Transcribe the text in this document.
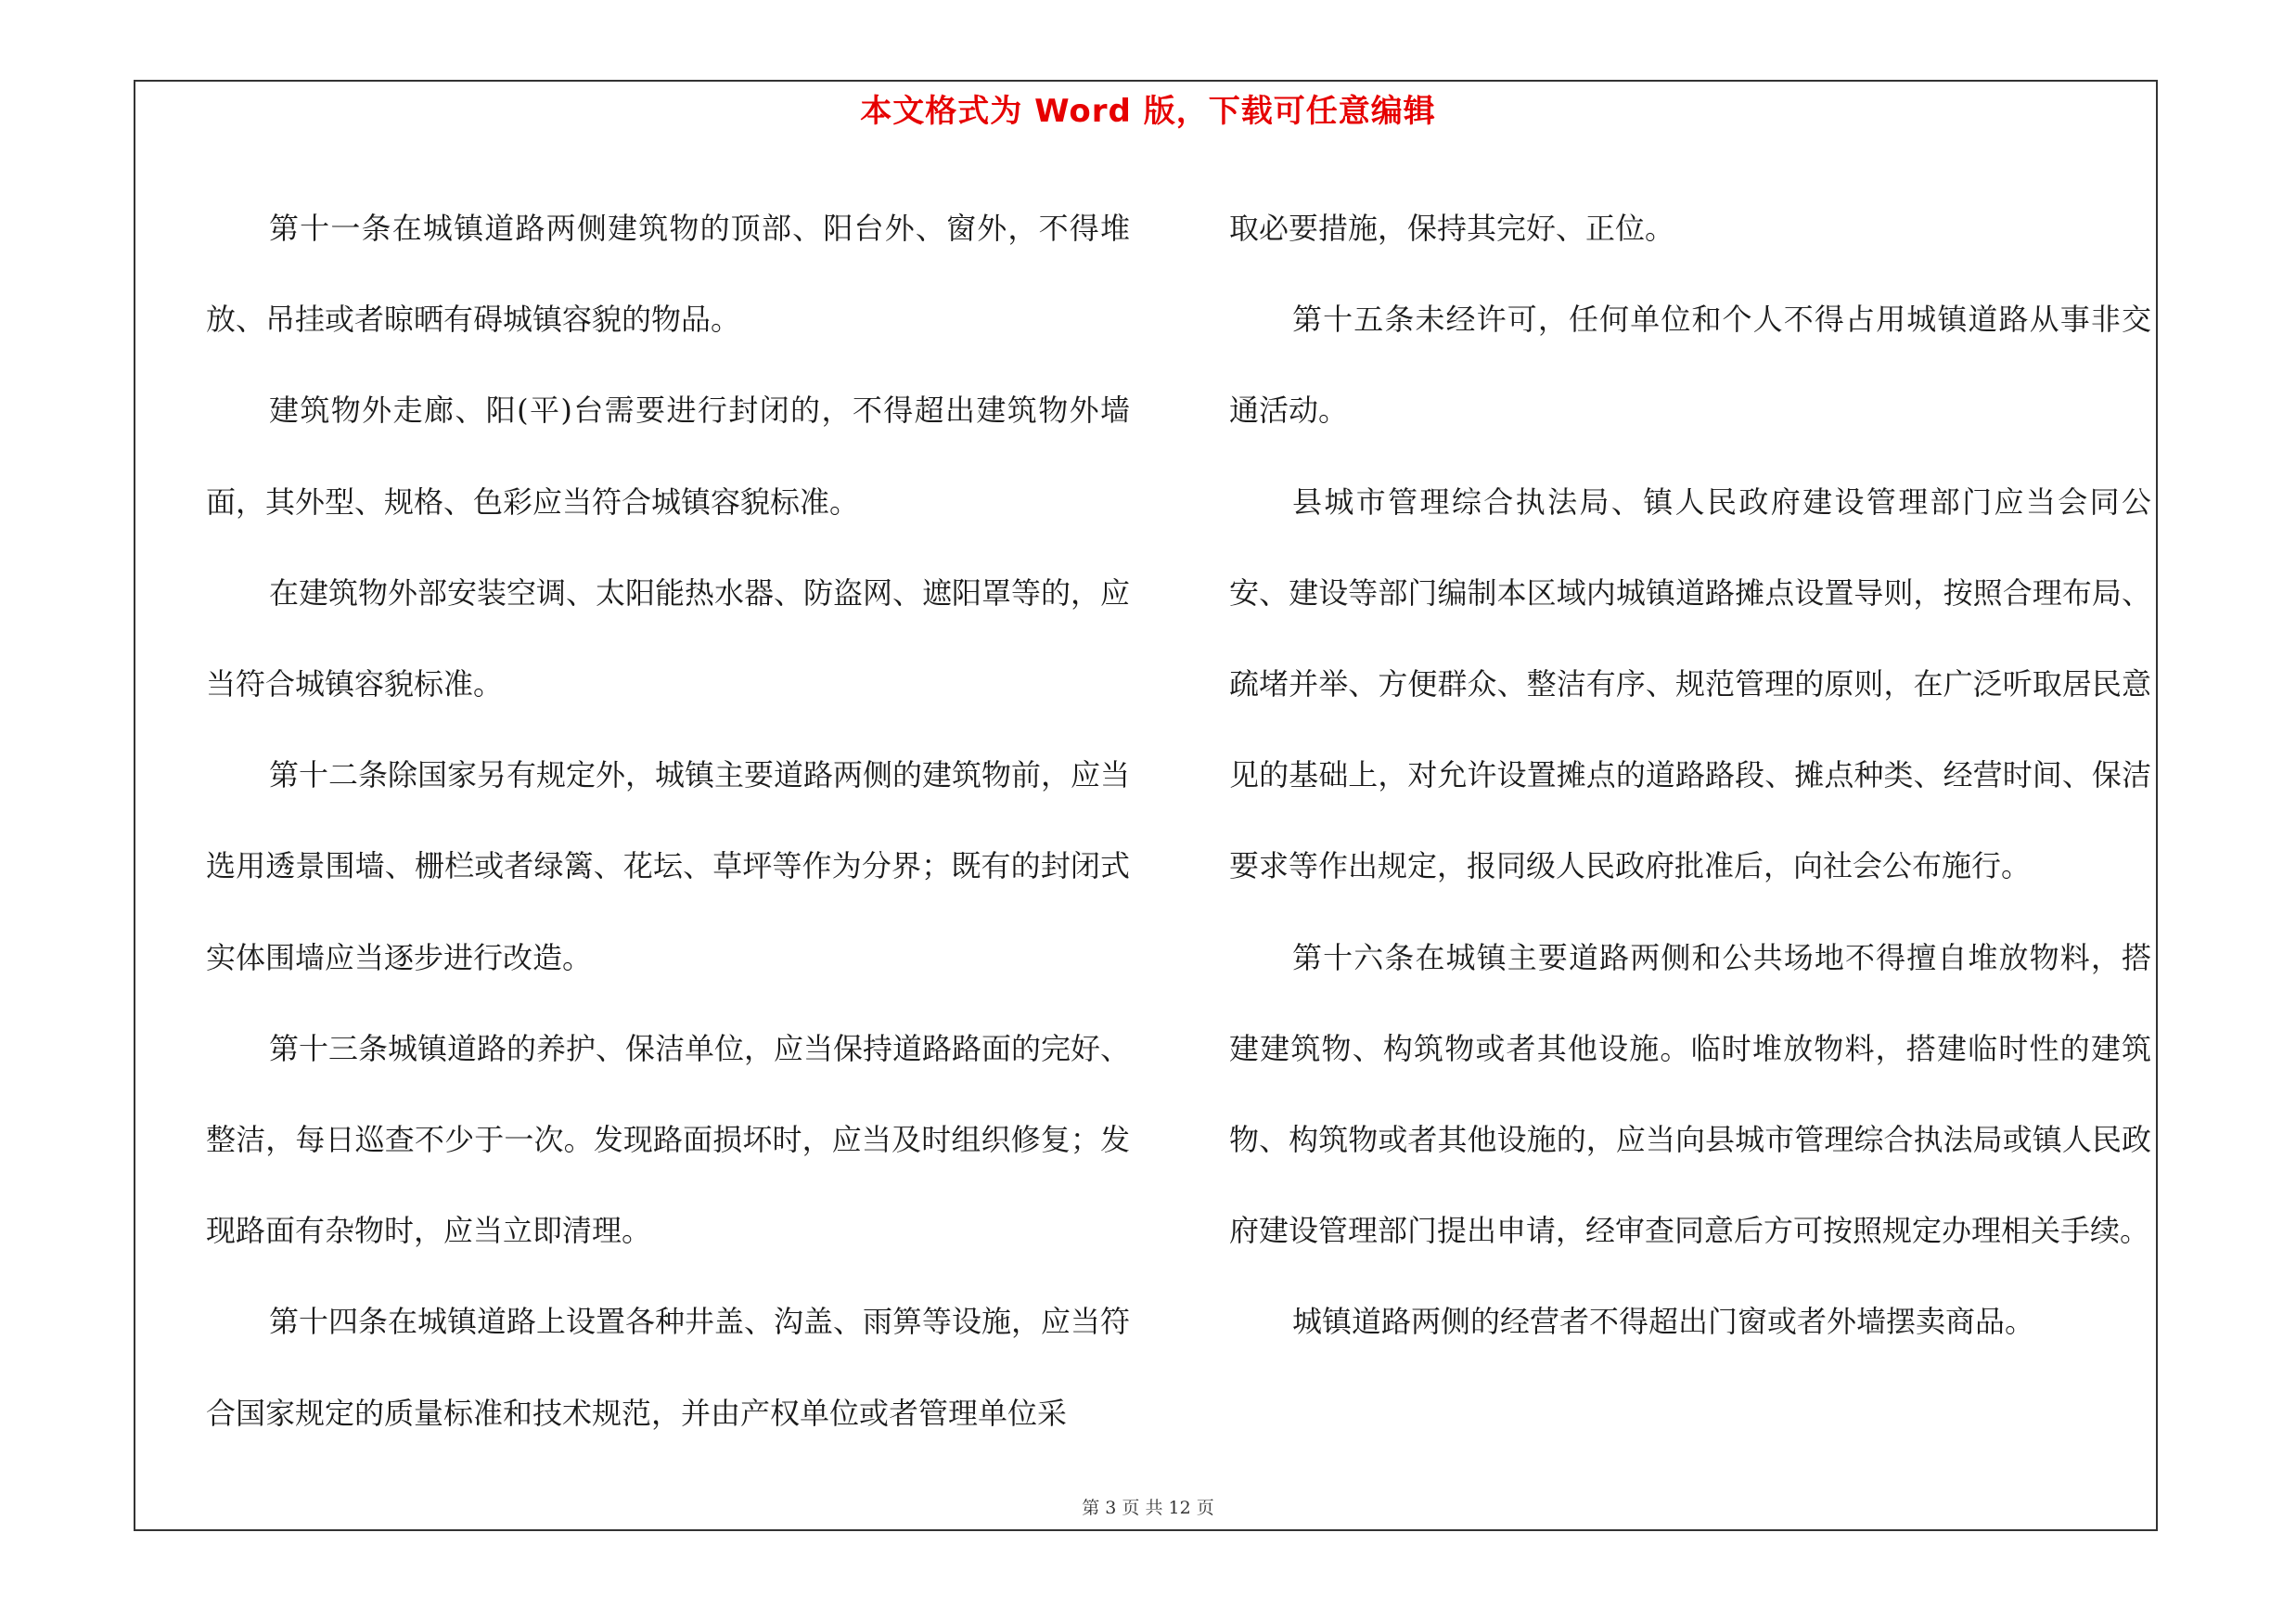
本文格式为 Word 版，下载可任意编辑

第十一条在城镇道路两侧建筑物的顶部、阳台外、窗外，不得堆放、吊挂或者晾晒有碍城镇容貌的物品。

建筑物外走廊、阳(平)台需要进行封闭的，不得超出建筑物外墙面，其外型、规格、色彩应当符合城镇容貌标准。

在建筑物外部安装空调、太阳能热水器、防盗网、遮阳罩等的，应当符合城镇容貌标准。

第十二条除国家另有规定外，城镇主要道路两侧的建筑物前，应当选用透景围墙、栅栏或者绿篱、花坛、草坪等作为分界；既有的封闭式实体围墙应当逐步进行改造。

第十三条城镇道路的养护、保洁单位，应当保持道路路面的完好、整洁，每日巡查不少于一次。发现路面损坏时，应当及时组织修复；发现路面有杂物时，应当立即清理。

第十四条在城镇道路上设置各种井盖、沟盖、雨箅等设施，应当符合国家规定的质量标准和技术规范，并由产权单位或者管理单位采

取必要措施，保持其完好、正位。

第十五条未经许可，任何单位和个人不得占用城镇道路从事非交通活动。

县城市管理综合执法局、镇人民政府建设管理部门应当会同公安、建设等部门编制本区域内城镇道路摊点设置导则，按照合理布局、疏堵并举、方便群众、整洁有序、规范管理的原则，在广泛听取居民意见的基础上，对允许设置摊点的道路路段、摊点种类、经营时间、保洁要求等作出规定，报同级人民政府批准后，向社会公布施行。

第十六条在城镇主要道路两侧和公共场地不得擅自堆放物料，搭建建筑物、构筑物或者其他设施。临时堆放物料，搭建临时性的建筑物、构筑物或者其他设施的，应当向县城市管理综合执法局或镇人民政府建设管理部门提出申请，经审查同意后方可按照规定办理相关手续。

城镇道路两侧的经营者不得超出门窗或者外墙摆卖商品。

第 3 页 共 12 页
